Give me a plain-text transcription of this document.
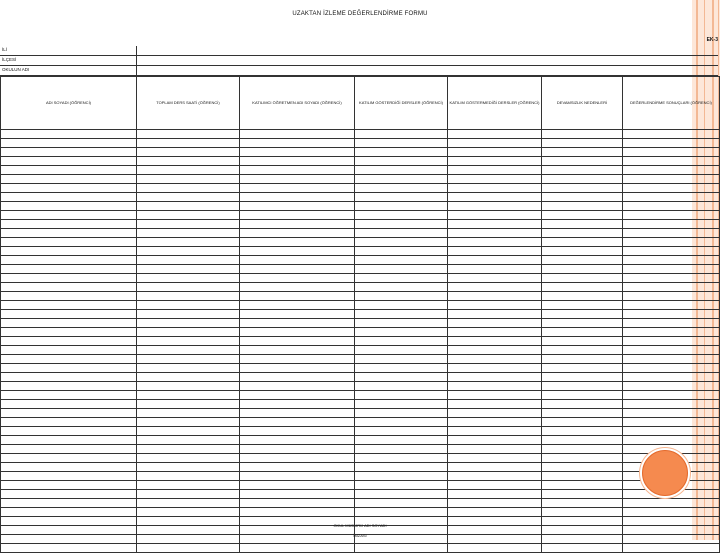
UZAKTAN İZLEME DEĞERLENDİRME FORMU
EK-3
İLİ
İLÇESİ
OKULUN ADI
ADI SOYADI (ÖĞRENCİ)	TOPLAM DERS SAATİ (ÖĞRENCİ)	KATILIMCI ÖĞRETMEN ADI SOYADI (ÖĞRENCİ)	KATILIM GÖSTERDİĞİ DERSLER (ÖĞRENCİ)	KATILIM GÖSTERMEDİĞİ DERSLER (ÖĞRENCİ)	DEVAMSIZLIK NEDENLERİ	DEĞERLENDİRME SONUÇLARI (ÖĞRENCİ)

OKUL MÜDÜRÜ ADI SOYADI
İMZASI
